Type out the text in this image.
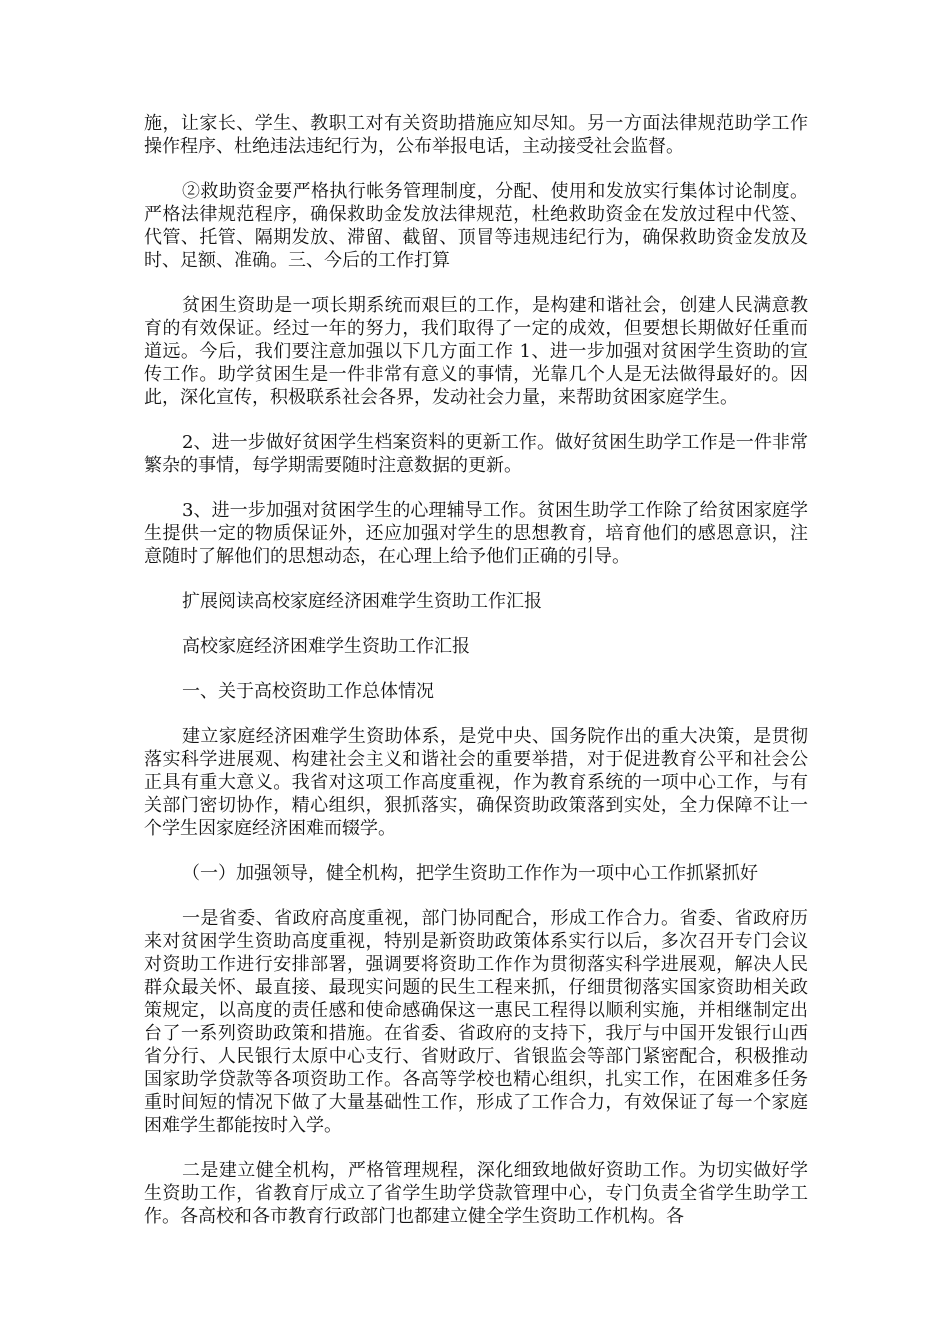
施，让家长、学生、教职工对有关资助措施应知尽知。另一方面法律规范助学工作操作程序、杜绝违法违纪行为，公布举报电话，主动接受社会监督。

②救助资金要严格执行帐务管理制度，分配、使用和发放实行集体讨论制度。严格法律规范程序，确保救助金发放法律规范，杜绝救助资金在发放过程中代签、代管、托管、隔期发放、滞留、截留、顶冒等违规违纪行为，确保救助资金发放及时、足额、准确。三、今后的工作打算

贫困生资助是一项长期系统而艰巨的工作，是构建和谐社会，创建人民满意教育的有效保证。经过一年的努力，我们取得了一定的成效，但要想长期做好任重而道远。今后，我们要注意加强以下几方面工作 1、进一步加强对贫困学生资助的宣传工作。助学贫困生是一件非常有意义的事情，光靠几个人是无法做得最好的。因此，深化宣传，积极联系社会各界，发动社会力量，来帮助贫困家庭学生。

2、进一步做好贫困学生档案资料的更新工作。做好贫困生助学工作是一件非常繁杂的事情，每学期需要随时注意数据的更新。

3、进一步加强对贫困学生的心理辅导工作。贫困生助学工作除了给贫困家庭学生提供一定的物质保证外，还应加强对学生的思想教育，培育他们的感恩意识，注意随时了解他们的思想动态，在心理上给予他们正确的引导。

扩展阅读高校家庭经济困难学生资助工作汇报

高校家庭经济困难学生资助工作汇报

一、关于高校资助工作总体情况

建立家庭经济困难学生资助体系，是党中央、国务院作出的重大决策，是贯彻落实科学进展观、构建社会主义和谐社会的重要举措，对于促进教育公平和社会公正具有重大意义。我省对这项工作高度重视，作为教育系统的一项中心工作，与有关部门密切协作，精心组织，狠抓落实，确保资助政策落到实处，全力保障不让一个学生因家庭经济困难而辍学。

（一）加强领导，健全机构，把学生资助工作作为一项中心工作抓紧抓好

一是省委、省政府高度重视，部门协同配合，形成工作合力。省委、省政府历来对贫困学生资助高度重视，特别是新资助政策体系实行以后，多次召开专门会议对资助工作进行安排部署，强调要将资助工作作为贯彻落实科学进展观，解决人民群众最关怀、最直接、最现实问题的民生工程来抓，仔细贯彻落实国家资助相关政策规定，以高度的责任感和使命感确保这一惠民工程得以顺利实施，并相继制定出台了一系列资助政策和措施。在省委、省政府的支持下，我厅与中国开发银行山西省分行、人民银行太原中心支行、省财政厅、省银监会等部门紧密配合，积极推动国家助学贷款等各项资助工作。各高等学校也精心组织，扎实工作，在困难多任务重时间短的情况下做了大量基础性工作，形成了工作合力，有效保证了每一个家庭困难学生都能按时入学。

二是建立健全机构，严格管理规程，深化细致地做好资助工作。为切实做好学生资助工作，省教育厅成立了省学生助学贷款管理中心，专门负责全省学生助学工作。各高校和各市教育行政部门也都建立健全学生资助工作机构。各
